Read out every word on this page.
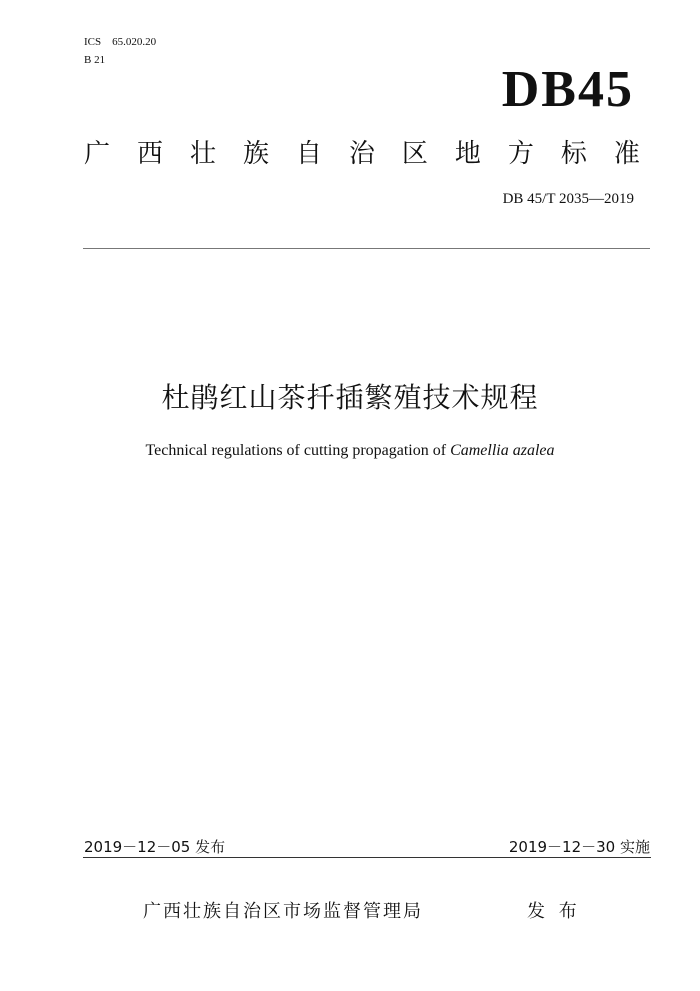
ICS　65.020.20
B 21
DB45
广 西 壮 族 自 治 区 地 方 标 准
DB 45/T 2035—2019
杜鹃红山茶扦插繁殖技术规程
Technical regulations of cutting propagation of Camellia azalea
2019－12－05 发布	2019－12－30 实施
广西壮族自治区市场监督管理局	发 布
